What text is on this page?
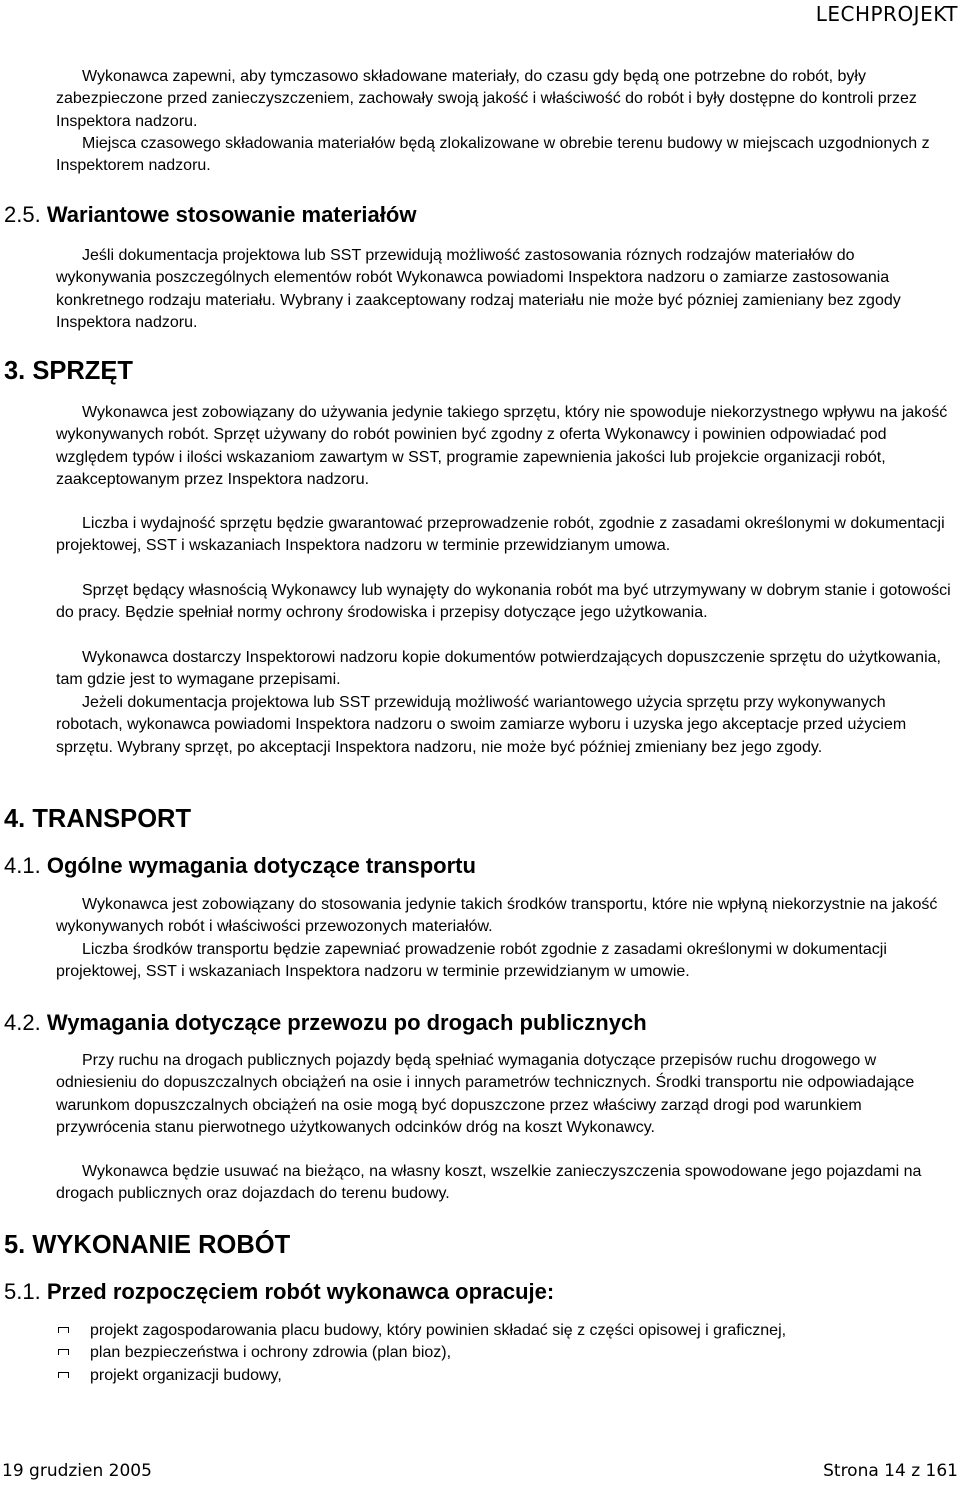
LECHPROJEKT

Wykonawca zapewni, aby tymczasowo składowane materiały, do czasu gdy będą one potrzebne do robót, były zabezpieczone przed zanieczyszczeniem, zachowały swoją jakość i właściwość do robót i były dostępne do kontroli przez Inspektora nadzoru.

Miejsca czasowego składowania materiałów będą zlokalizowane w obrebie terenu budowy w miejscach uzgodnionych z Inspektorem nadzoru.

2.5. Wariantowe stosowanie materiałów

Jeśli dokumentacja projektowa lub SST przewidują możliwość zastosowania róznych rodzajów materiałów do wykonywania poszczególnych elementów robót Wykonawca powiadomi Inspektora nadzoru o zamiarze zastosowania konkretnego rodzaju materiału. Wybrany i zaakceptowany rodzaj materiału nie może być pózniej zamieniany bez zgody Inspektora nadzoru.

3. SPRZĘT

Wykonawca jest zobowiązany do używania jedynie takiego sprzętu, który nie spowoduje niekorzystnego wpływu na jakość wykonywanych robót. Sprzęt używany do robót powinien być zgodny z oferta Wykonawcy i powinien odpowiadać pod względem typów i ilości wskazaniom zawartym w SST, programie zapewnienia jakości lub projekcie organizacji robót, zaakceptowanym przez Inspektora nadzoru.

Liczba i wydajność sprzętu będzie gwarantować przeprowadzenie robót, zgodnie z zasadami określonymi w dokumentacji projektowej, SST i wskazaniach Inspektora nadzoru w terminie przewidzianym umowa.

Sprzęt będący własnością Wykonawcy lub wynajęty do wykonania robót ma być utrzymywany w dobrym stanie i gotowości do pracy. Będzie spełniał normy ochrony środowiska i przepisy dotyczące jego użytkowania.

Wykonawca dostarczy Inspektorowi nadzoru kopie dokumentów potwierdzających dopuszczenie sprzętu do użytkowania, tam gdzie jest to wymagane przepisami.

Jeżeli dokumentacja projektowa lub SST przewidują możliwość wariantowego użycia sprzętu przy wykonywanych robotach, wykonawca powiadomi Inspektora nadzoru o swoim zamiarze wyboru i uzyska jego akceptacje przed użyciem sprzętu. Wybrany sprzęt, po akceptacji Inspektora nadzoru, nie może być później zmieniany bez jego zgody.

4. TRANSPORT
4.1. Ogólne wymagania dotyczące transportu

Wykonawca jest zobowiązany do stosowania jedynie takich środków transportu, które nie wpłyną niekorzystnie na jakość wykonywanych robót i właściwości przewozonych materiałów.

Liczba środków transportu będzie zapewniać prowadzenie robót zgodnie z zasadami określonymi w dokumentacji projektowej, SST i wskazaniach Inspektora nadzoru w terminie przewidzianym w umowie.

4.2. Wymagania dotyczące przewozu po drogach publicznych

Przy ruchu na drogach publicznych pojazdy będą spełniać wymagania dotyczące przepisów ruchu drogowego w odniesieniu do dopuszczalnych obciążeń na osie i innych parametrów technicznych. Środki transportu nie odpowiadające warunkom dopuszczalnych obciążeń na osie mogą być dopuszczone przez właściwy zarząd drogi pod warunkiem przywrócenia stanu pierwotnego użytkowanych odcinków dróg na koszt Wykonawcy.

Wykonawca będzie usuwać na bieżąco, na własny koszt, wszelkie zanieczyszczenia spowodowane jego pojazdami na drogach publicznych oraz dojazdach do terenu budowy.

5. WYKONANIE ROBÓT
5.1. Przed rozpoczęciem robót wykonawca opracuje:
projekt zagospodarowania placu budowy, który powinien składać się z części opisowej i graficznej,
plan bezpieczeństwa i ochrony zdrowia (plan bioz),
projekt organizacji budowy,
19 grudzien 2005	Strona 14 z 161
